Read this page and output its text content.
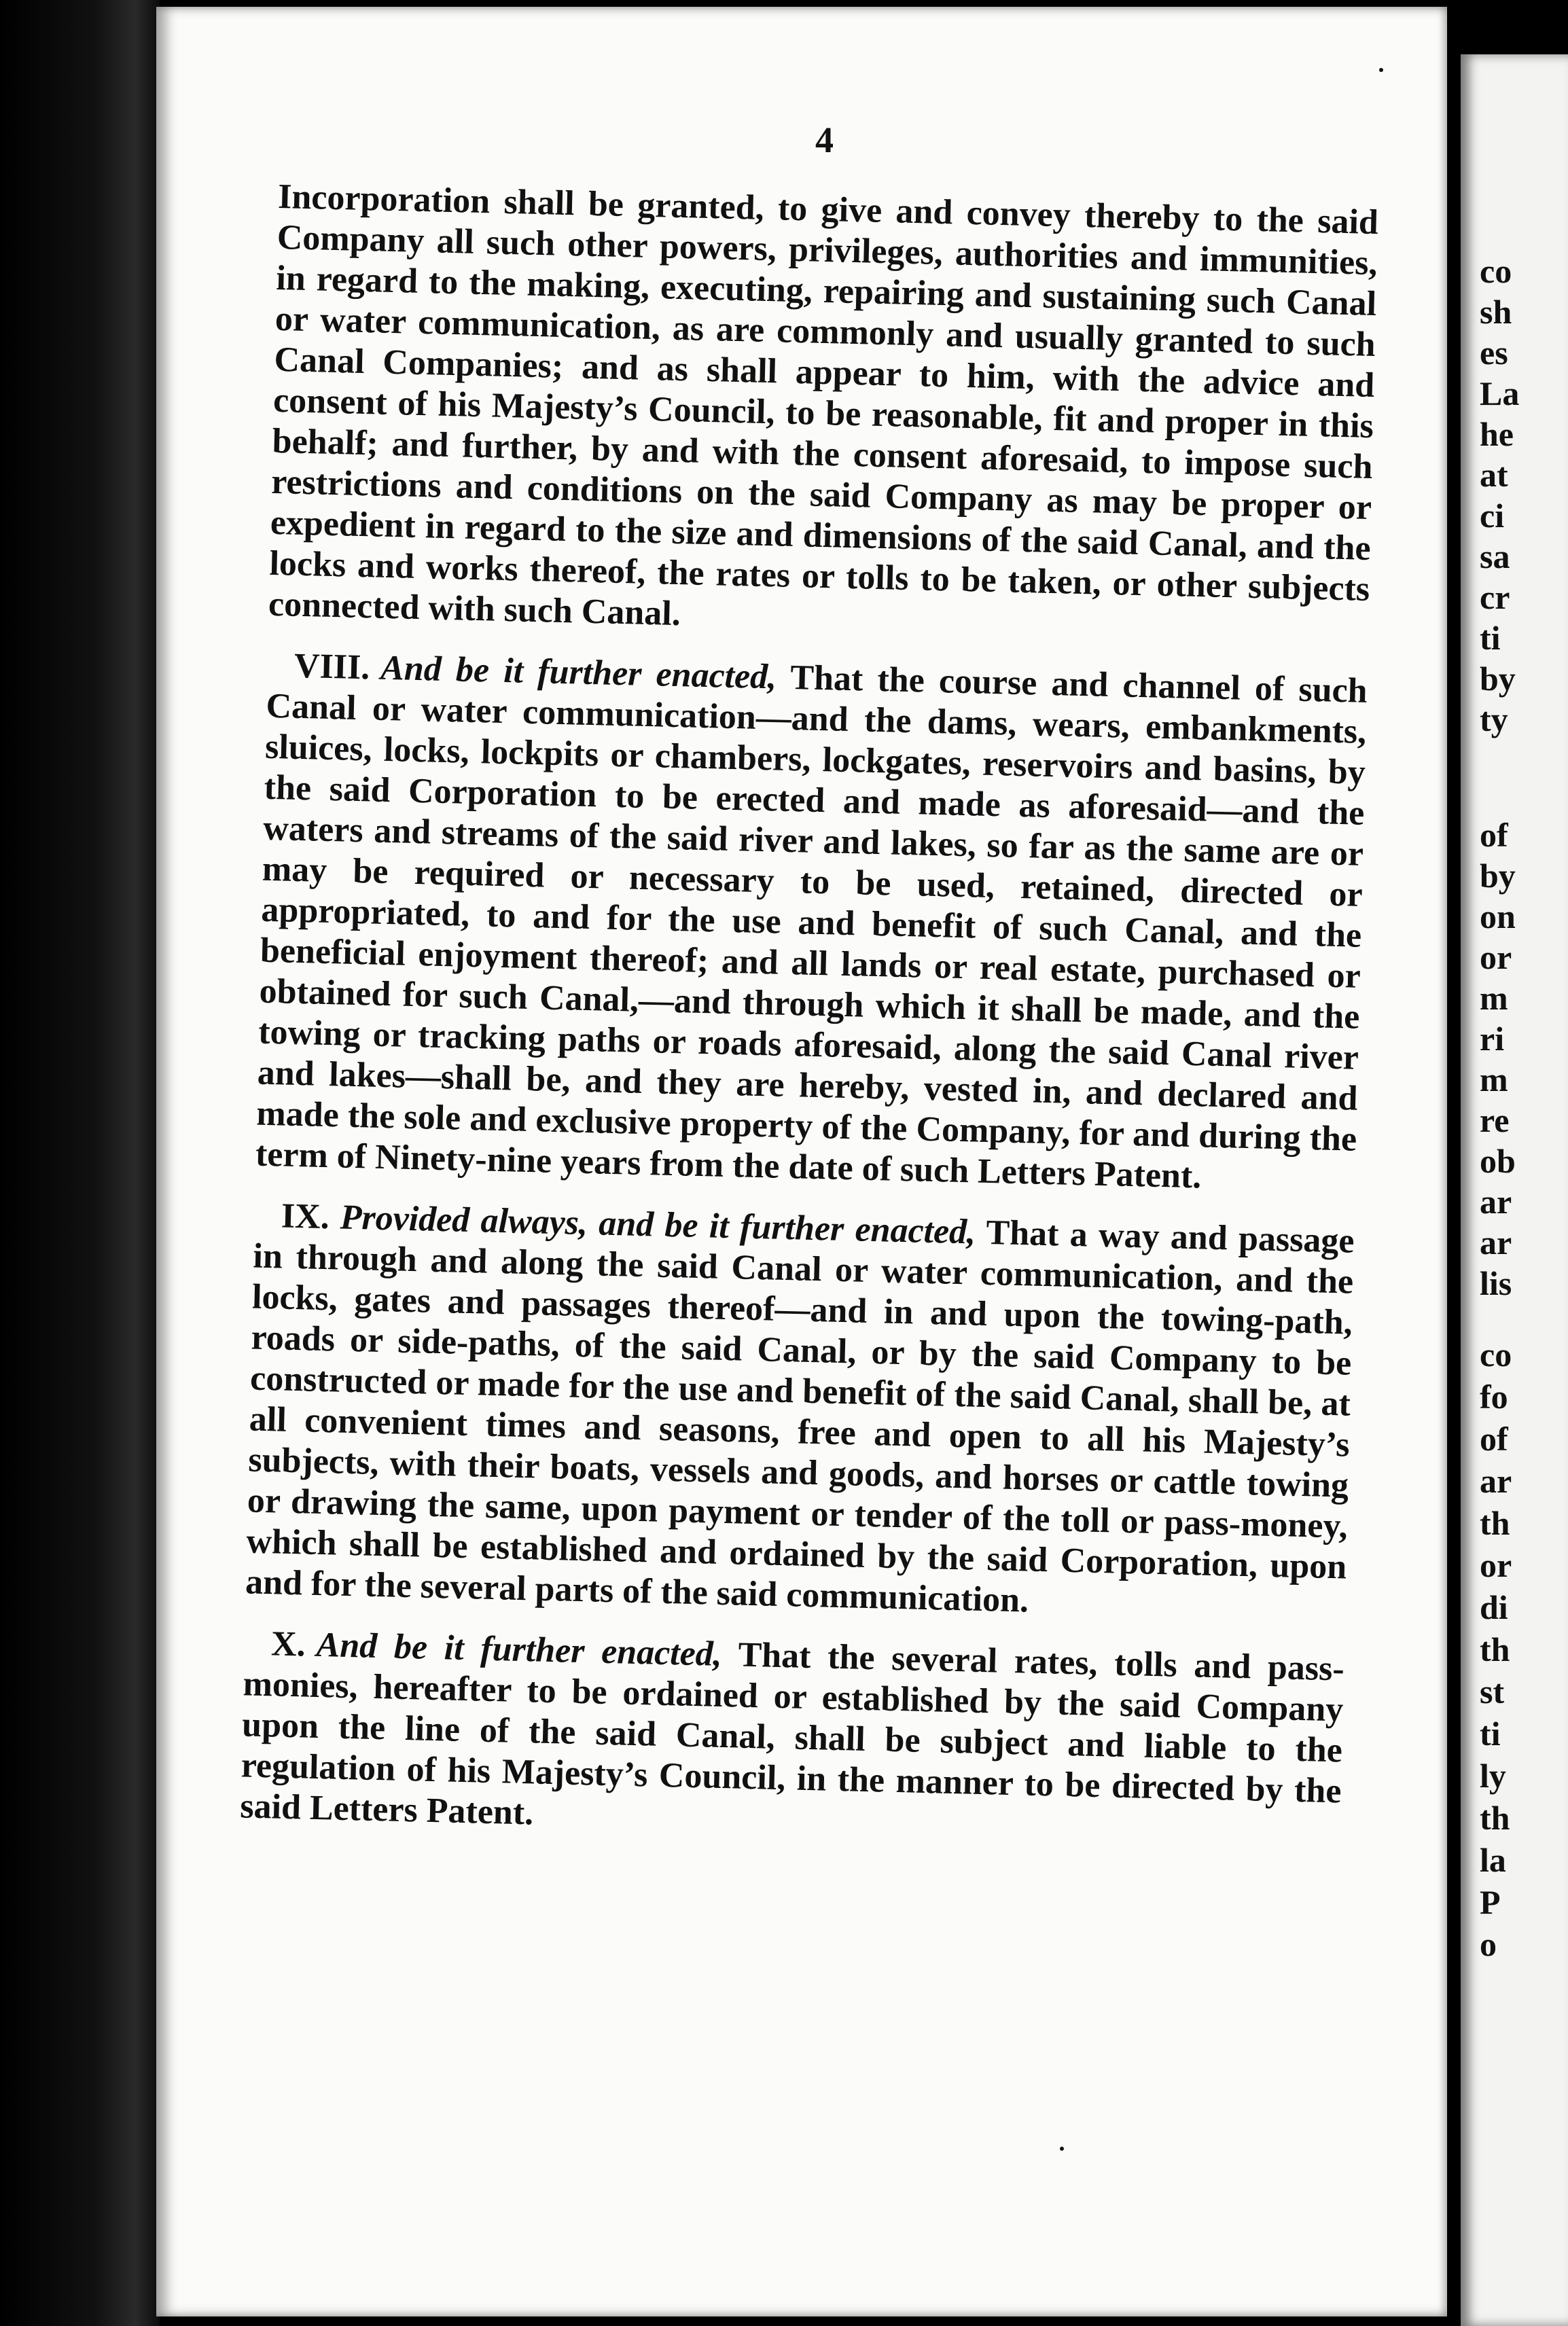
4

Incorporation shall be granted, to give and convey thereby to the said Company all such other powers, privileges, authorities and immunities, in regard to the making, executing, repairing and sustaining such Canal or water communication, as are commonly and usually granted to such Canal Companies; and as shall appear to him, with the advice and consent of his Majesty’s Council, to be reasonable, fit and proper in this behalf; and further, by and with the consent aforesaid, to impose such restrictions and conditions on the said Company as may be proper or expedient in regard to the size and dimensions of the said Canal, and the locks and works thereof, the rates or tolls to be taken, or other subjects connected with such Canal.

VIII. And be it further enacted, That the course and channel of such Canal or water communication—and the dams, wears, embankments, sluices, locks, lockpits or chambers, lockgates, reservoirs and basins, by the said Corporation to be erected and made as aforesaid—and the waters and streams of the said river and lakes, so far as the same are or may be required or necessary to be used, retained, directed or appropriated, to and for the use and benefit of such Canal, and the beneficial enjoyment thereof; and all lands or real estate, purchased or obtained for such Canal,—and through which it shall be made, and the towing or tracking paths or roads aforesaid, along the said Canal river and lakes—shall be, and they are hereby, vested in, and declared and made the sole and exclusive property of the Company, for and during the term of Ninety-nine years from the date of such Letters Patent.

IX. Provided always, and be it further enacted, That a way and passage in through and along the said Canal or water communication, and the locks, gates and passages thereof—and in and upon the towing-path, roads or side-paths, of the said Canal, or by the said Company to be constructed or made for the use and benefit of the said Canal, shall be, at all convenient times and seasons, free and open to all his Majesty’s subjects, with their boats, vessels and goods, and horses or cattle towing or drawing the same, upon payment or tender of the toll or pass-money, which shall be established and ordained by the said Corporation, upon and for the several parts of the said communication.

X. And be it further enacted, That the several rates, tolls and pass-monies, hereafter to be ordained or established by the said Company upon the line of the said Canal, shall be subject and liable to the regulation of his Majesty’s Council, in the manner to be directed by the said Letters Patent.

co
sh
es
La
he
at
ci
sa
cr
ti
by
ty
of
by
on
or
m
ri
m
re
ob
ar
ar
lis
co
fo
of
ar
th
or
di
th
st
ti
ly
th
la
P
o
